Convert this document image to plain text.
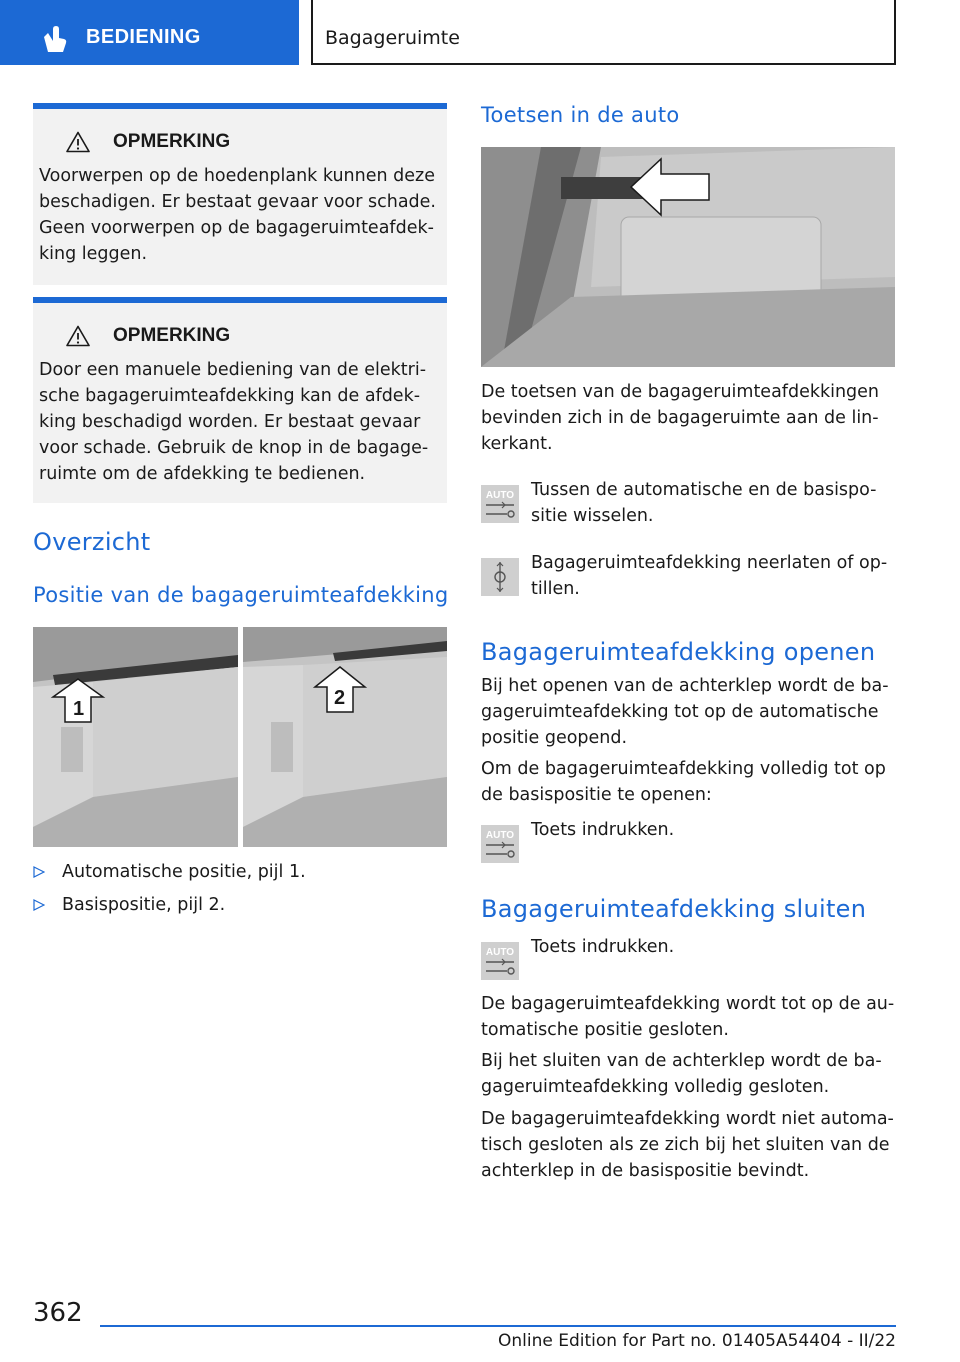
BEDIENING	Bagageruimte
OPMERKING
Voorwerpen op de hoedenplank kunnen deze beschadigen. Er bestaat gevaar voor schade. Geen voorwerpen op de bagageruimteafdek-king leggen.
OPMERKING
Door een manuele bediening van de elektri-sche bagageruimteafdekking kan de afdek-king beschadigd worden. Er bestaat gevaar voor schade. Gebruik de knop in de bagage-ruimte om de afdekking te bedienen.
Overzicht
Positie van de bagageruimteafdekking
1	2
Automatische positie, pijl 1.
Basispositie, pijl 2.
Toetsen in de auto
De toetsen van de bagageruimteafdekkingen bevinden zich in de bagageruimte aan de lin-kerkant.
AUTO Tussen de automatische en de basispo-sitie wisselen.
Bagageruimteafdekking neerlaten of op-tillen.
Bagageruimteafdekking openen
Bij het openen van de achterklep wordt de ba-gageruimteafdekking tot op de automatische positie geopend.
Om de bagageruimteafdekking volledig tot op de basispositie te openen:
AUTO Toets indrukken.
Bagageruimteafdekking sluiten
AUTO Toets indrukken.
De bagageruimteafdekking wordt tot op de au-tomatische positie gesloten.
Bij het sluiten van de achterklep wordt de ba-gageruimteafdekking volledig gesloten.
De bagageruimteafdekking wordt niet automa-tisch gesloten als ze zich bij het sluiten van de achterklep in de basispositie bevindt.
362
Online Edition for Part no. 01405A54404 - II/22
